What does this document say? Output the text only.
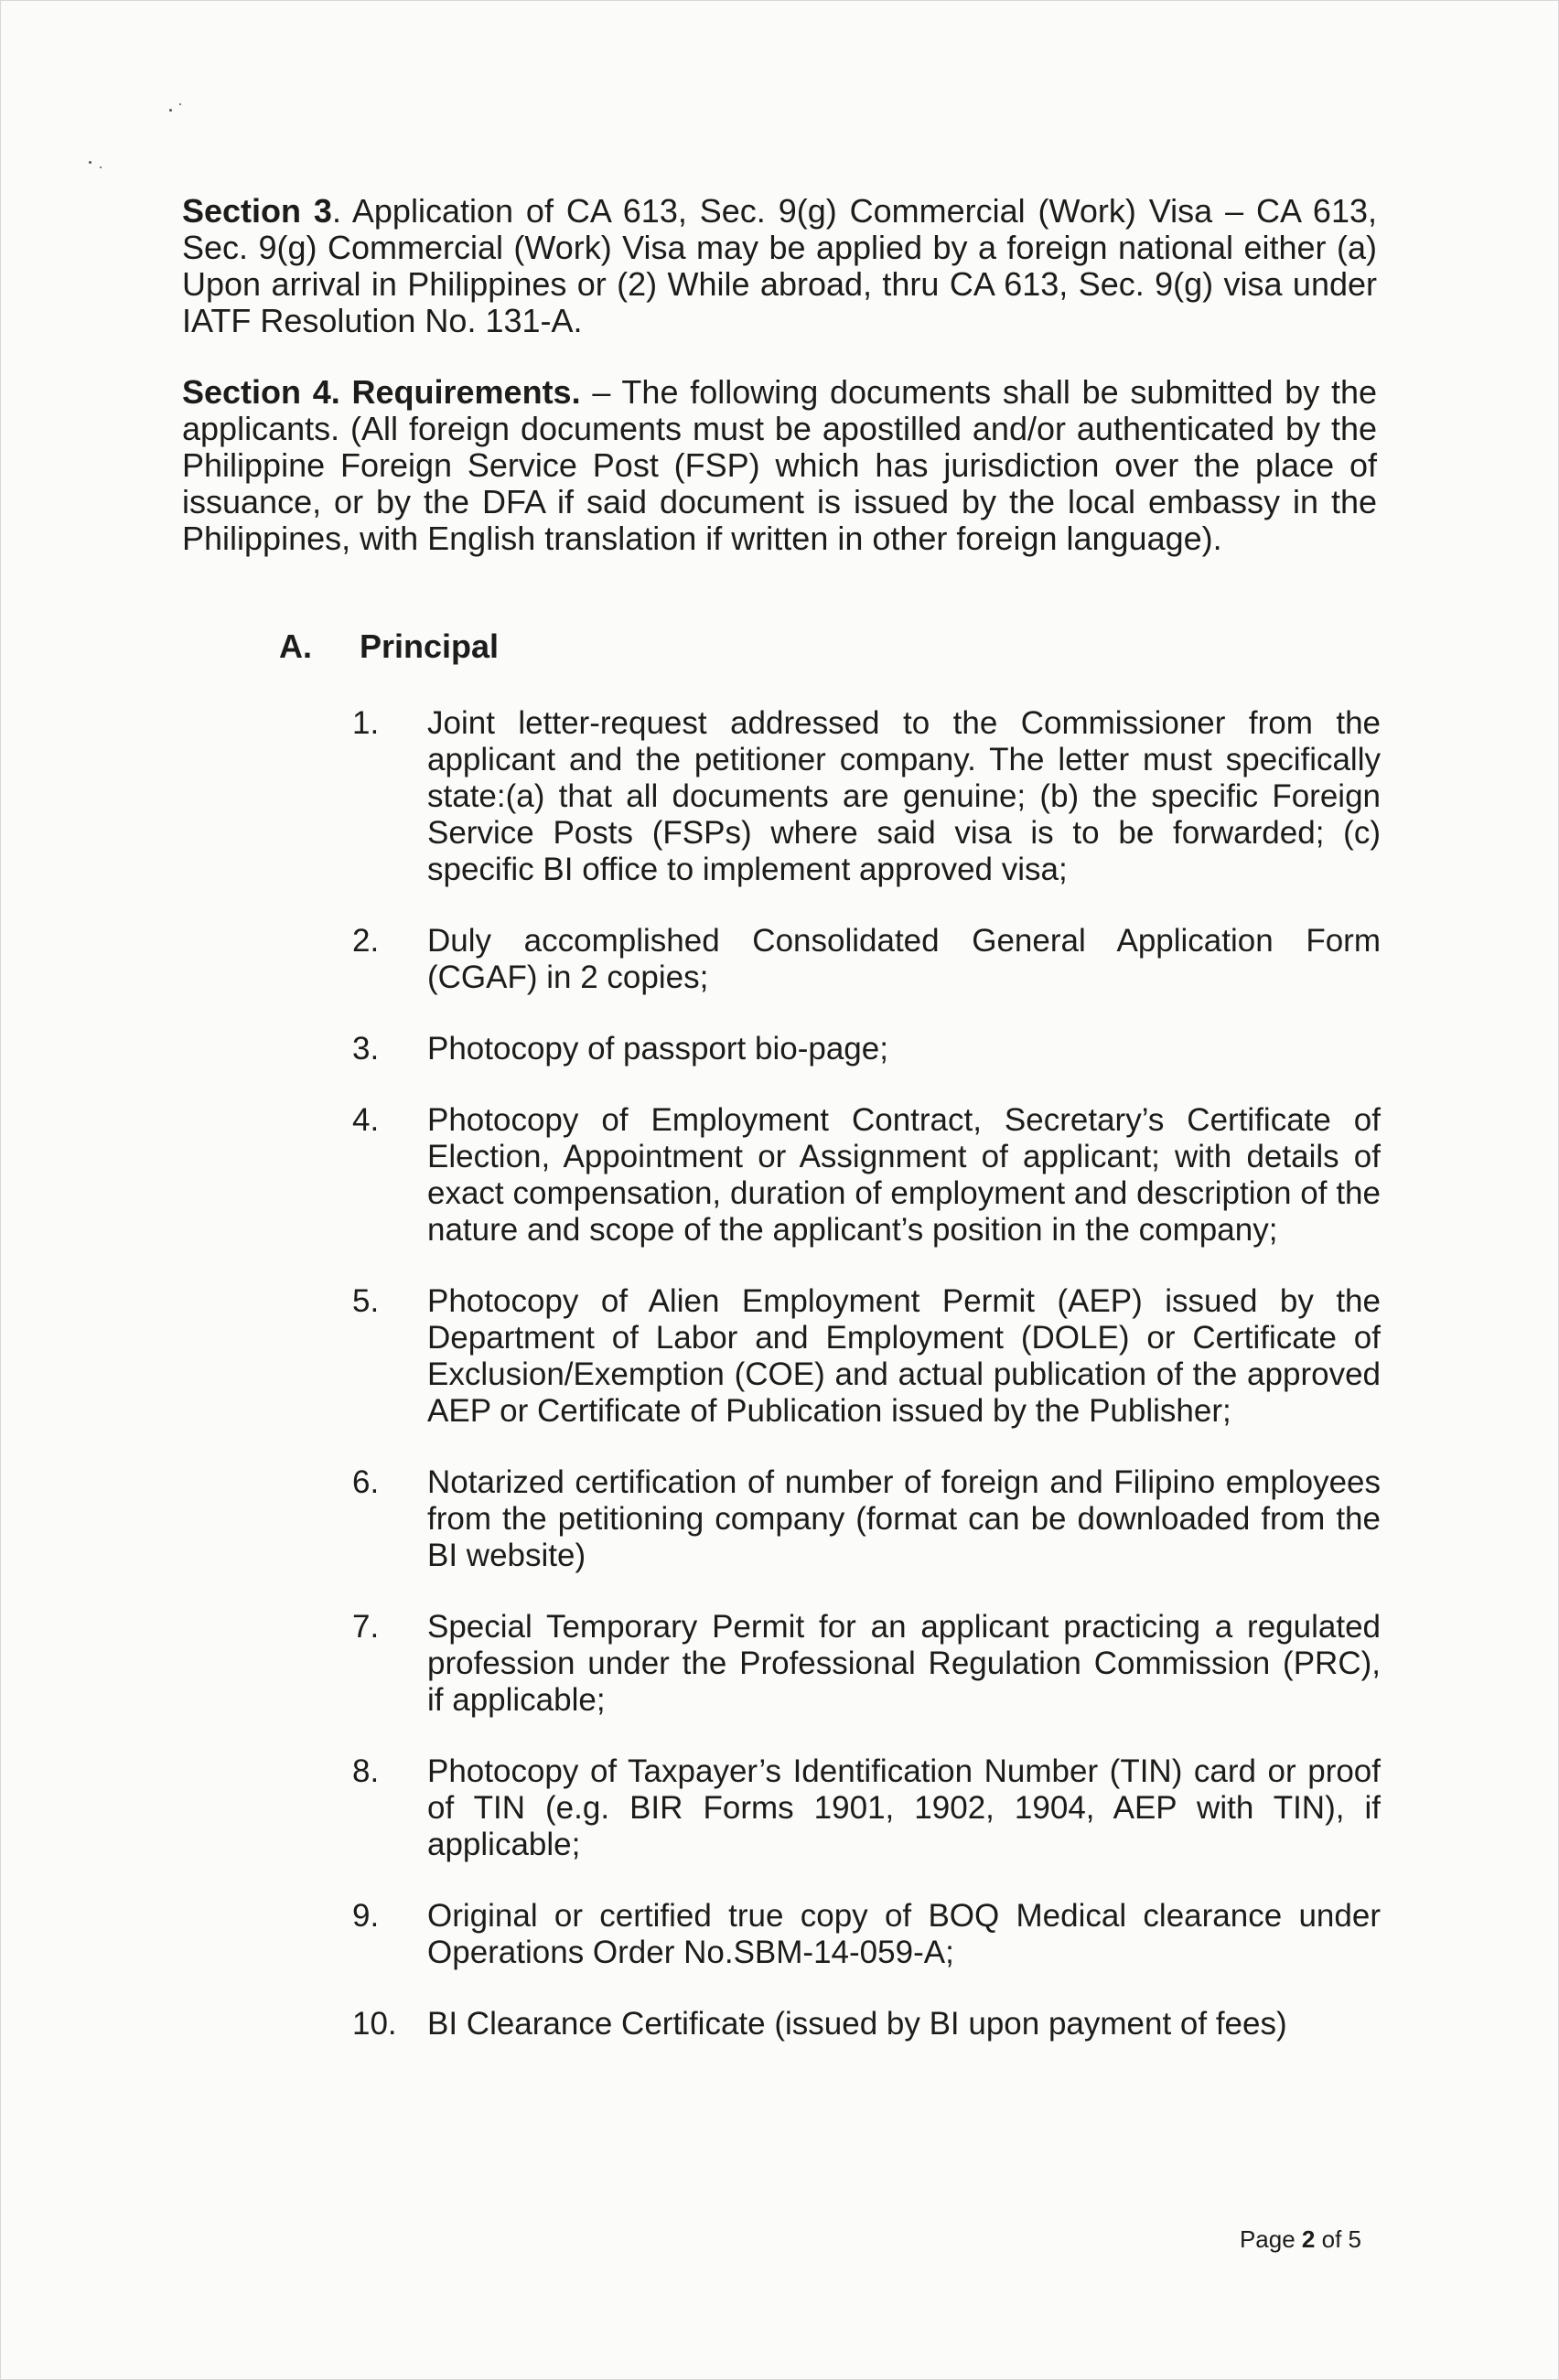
Section 3. Application of CA 613, Sec. 9(g) Commercial (Work) Visa – CA 613, Sec. 9(g) Commercial (Work) Visa may be applied by a foreign national either (a) Upon arrival in Philippines or (2) While abroad, thru CA 613, Sec. 9(g) visa under IATF Resolution No. 131-A.

Section 4. Requirements. – The following documents shall be submitted by the applicants. (All foreign documents must be apostilled and/or authenticated by the Philippine Foreign Service Post (FSP) which has jurisdiction over the place of issuance, or by the DFA if said document is issued by the local embassy in the Philippines, with English translation if written in other foreign language).

A. Principal

1.	Joint letter-request addressed to the Commissioner from the applicant and the petitioner company. The letter must specifically state:(a) that all documents are genuine; (b) the specific Foreign Service Posts (FSPs) where said visa is to be forwarded; (c) specific BI office to implement approved visa;
2.	Duly accomplished Consolidated General Application Form (CGAF) in 2 copies;
3.	Photocopy of passport bio-page;
4.	Photocopy of Employment Contract, Secretary’s Certificate of Election, Appointment or Assignment of applicant; with details of exact compensation, duration of employment and description of the nature and scope of the applicant’s position in the company;
5.	Photocopy of Alien Employment Permit (AEP) issued by the Department of Labor and Employment (DOLE) or Certificate of Exclusion/Exemption (COE) and actual publication of the approved AEP or Certificate of Publication issued by the Publisher;
6.	Notarized certification of number of foreign and Filipino employees from the petitioning company (format can be downloaded from the BI website)
7.	Special Temporary Permit for an applicant practicing a regulated profession under the Professional Regulation Commission (PRC), if applicable;
8.	Photocopy of Taxpayer’s Identification Number (TIN) card or proof of TIN (e.g. BIR Forms 1901, 1902, 1904, AEP with TIN), if applicable;
9.	Original or certified true copy of BOQ Medical clearance under Operations Order No.SBM-14-059-A;
10. BI Clearance Certificate (issued by BI upon payment of fees)
Page 2 of 5
